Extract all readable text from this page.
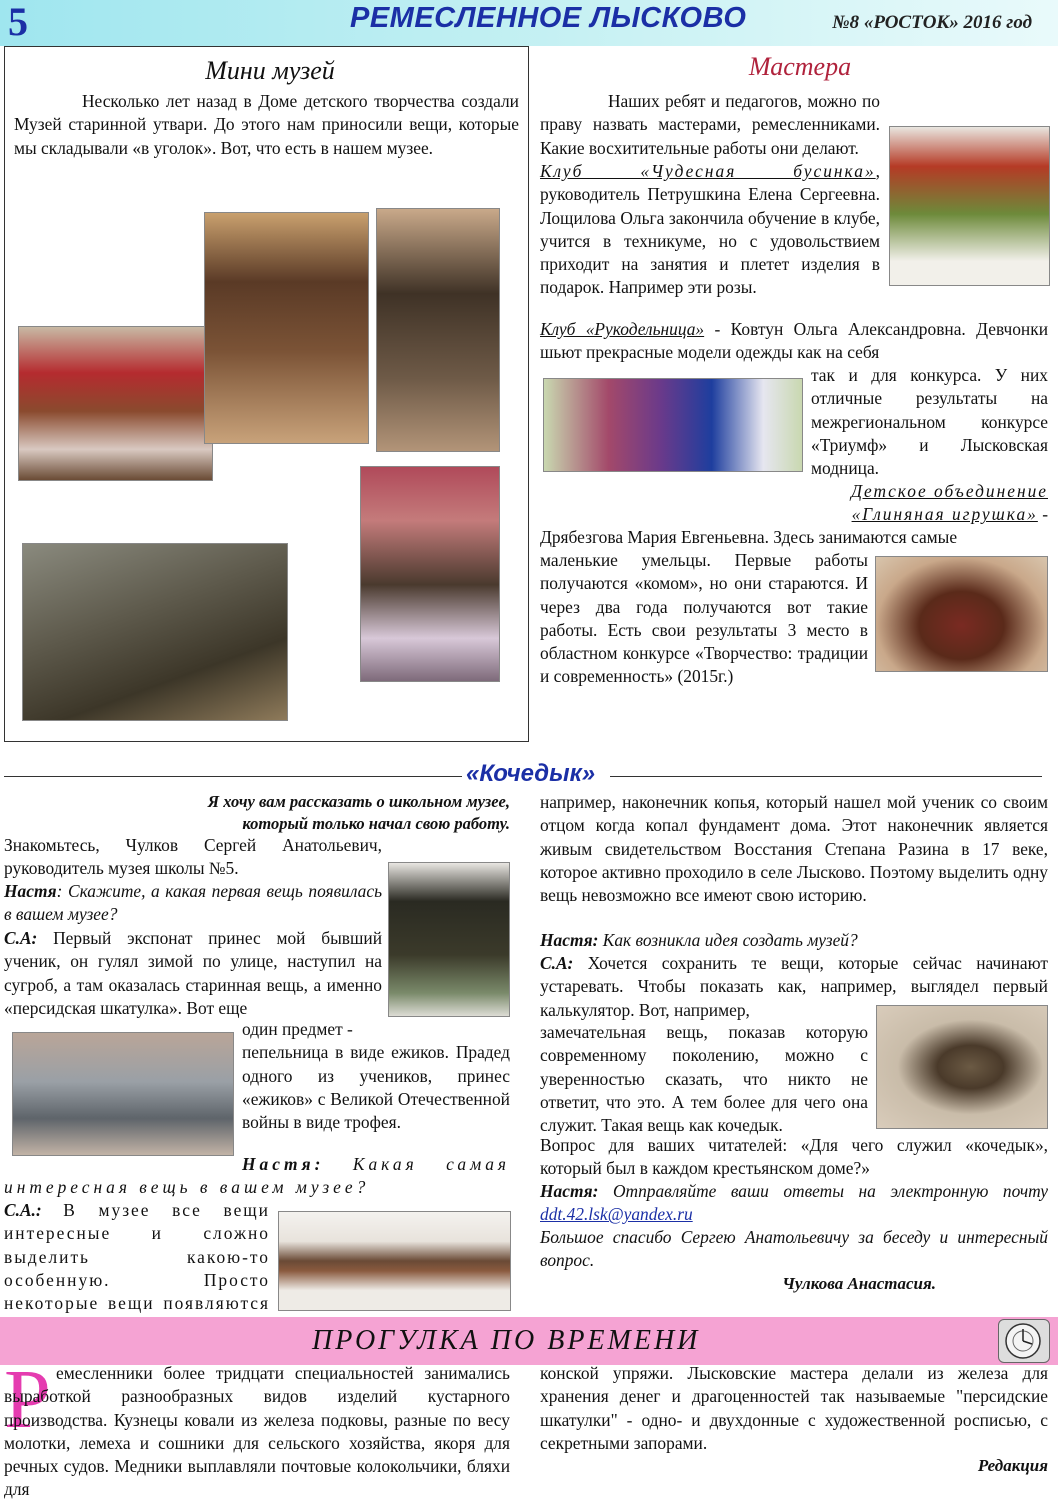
5	РЕМЕСЛЕННОЕ ЛЫСКОВО	№8 «РОСТОК» 2016 год
Мини музей
Несколько лет назад в Доме детского творчества создали Музей старинной утвари. До этого нам приносили вещи, которые мы складывали «в уголок». Вот, что есть в нашем музее.
Мастера
Наших ребят и педагогов, можно по праву назвать мастерами, ремесленниками. Какие восхитительные работы они делают.
Клуб «Чудесная бусинка», руководитель Петрушкина Елена Сергеевна. Лощилова Ольга закончила обучение в клубе, учится в техникуме, но с удовольствием приходит на занятия и плетет изделия в подарок. Например эти розы.
Клуб «Рукодельница» - Ковтун Ольга Александровна. Девчонки шьют прекрасные модели одежды как на себя
так и для конкурса. У них отличные результаты на межрегиональном конкурсе «Триумф» и Лысковская модница.
Детское объединение
«Глиняная игрушка» -
Дрябезгова Мария Евгеньевна. Здесь занимаются самые
маленькие умельцы. Первые работы получаются «комом», но они стараются. И через два года получаются вот такие работы. Есть свои результаты 3 место в областном конкурсе «Творчество: традиции и современность» (2015г.)
«Кочедык»
Я хочу вам рассказать о школьном музее,
который только начал свою работу.
Знакомьтесь, Чулков Сергей Анатольевич, руководитель музея школы №5.
Настя: Скажите, а какая первая вещь появилась в вашем музее?
С.А: Первый экспонат принес мой бывший ученик, он гулял зимой по улице, наступил на сугроб, а там оказалась старинная вещь, а именно «персидская шкатулка». Вот еще
один предмет -
пепельница в виде ежиков. Прадед одного из учеников, принес «ежиков» с Великой Отечественной войны в виде трофея.
Настя: Какая самая интересная вещь в вашем музее?
С.А.: В музее все вещи интересные и сложно выделить какою-то особенную. Просто некоторые вещи появляются
например, наконечник копья, который нашел мой ученик со своим отцом когда копал фундамент дома. Этот наконечник является живым свидетельством Восстания Степана Разина в 17 веке, которое активно проходило в селе Лысково. Поэтому выделить одну вещь невозможно все имеют свою историю.
Настя: Как возникла идея создать музей?
С.А: Хочется сохранить те вещи, которые сейчас начинают устаревать. Чтобы показать как, например, выглядел первый калькулятор. Вот, например,
замечательная вещь, показав которую современному поколению, можно с уверенностью сказать, что никто не ответит, что это. А тем более для чего она служит. Такая вещь как кочедык.
Вопрос для ваших читателей: «Для чего служил «кочедык», который был в каждом крестьянском доме?»
Настя: Отправляйте ваши ответы на электронную почту ddt.42.lsk@yandex.ru
Большое спасибо Сергею Анатольевичу за беседу и интересный вопрос.
Чулкова Анастасия.
ПРОГУЛКА ПО ВРЕМЕНИ
Р емесленники более тридцати специальностей занимались выработкой разнообразных видов изделий кустарного производства. Кузнецы ковали из железа подковы, разные по весу молотки, лемеха и сошники для сельского хозяйства, якоря для речных судов. Медники выплавляли почтовые колокольчики, бляхи для
конской упряжи. Лысковские мастера делали из железа для хранения денег и драгоценностей так называемые "персидские шкатулки" - одно- и двухдонные с художественной росписью, с секретными запорами.
Редакция
